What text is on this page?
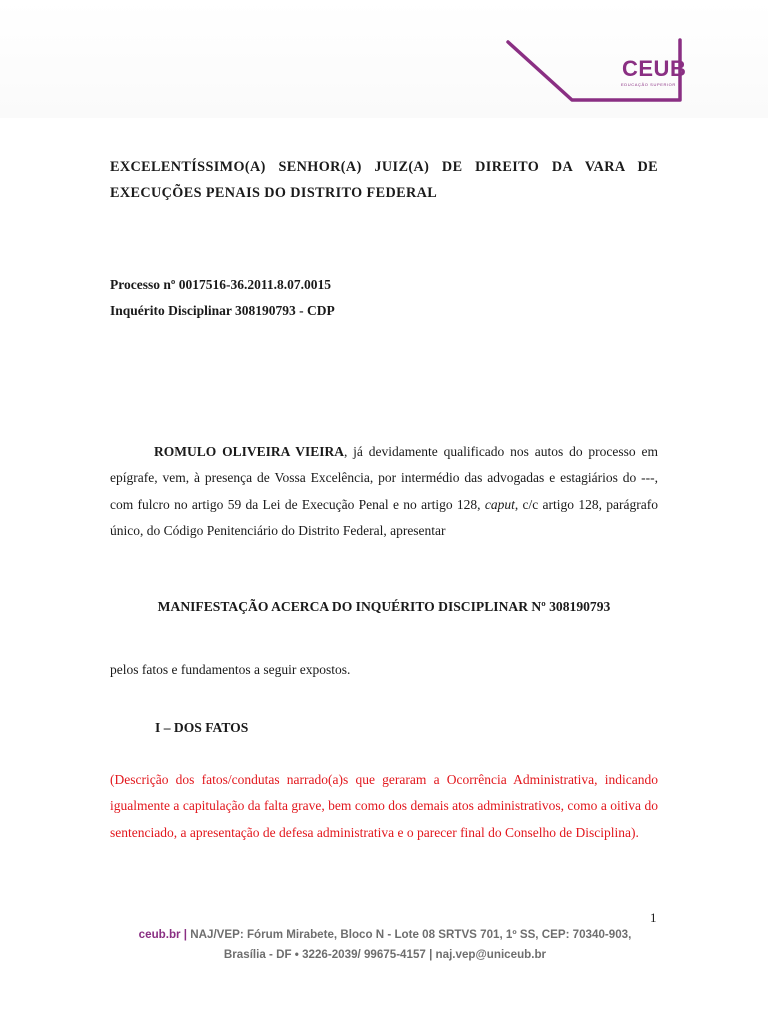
CEUB
EDUCAÇÃO SUPERIOR
EXCELENTÍSSIMO(A) SENHOR(A) JUIZ(A) DE DIREITO DA VARA DE
EXECUÇÕES PENAIS DO DISTRITO FEDERAL
Processo nº 0017516-36.2011.8.07.0015
Inquérito Disciplinar 308190793 - CDP
ROMULO OLIVEIRA VIEIRA, já devidamente qualificado nos autos do processo em epígrafe, vem, à presença de Vossa Excelência, por intermédio das advogadas e estagiários do ---, com fulcro no artigo 59 da Lei de Execução Penal e no artigo 128, caput, c/c artigo 128, parágrafo único, do Código Penitenciário do Distrito Federal, apresentar
MANIFESTAÇÃO ACERCA DO INQUÉRITO DISCIPLINAR Nº 308190793
pelos fatos e fundamentos a seguir expostos.
I – DOS FATOS
(Descrição dos fatos/condutas narrado(a)s que geraram a Ocorrência Administrativa, indicando igualmente a capitulação da falta grave, bem como dos demais atos administrativos, como a oitiva do sentenciado, a apresentação de defesa administrativa e o parecer final do Conselho de Disciplina).
1
ceub.br | NAJ/VEP: Fórum Mirabete, Bloco N - Lote 08 SRTVS 701, 1º SS, CEP: 70340-903,
Brasília - DF • 3226-2039/ 99675-4157 | naj.vep@uniceub.br
